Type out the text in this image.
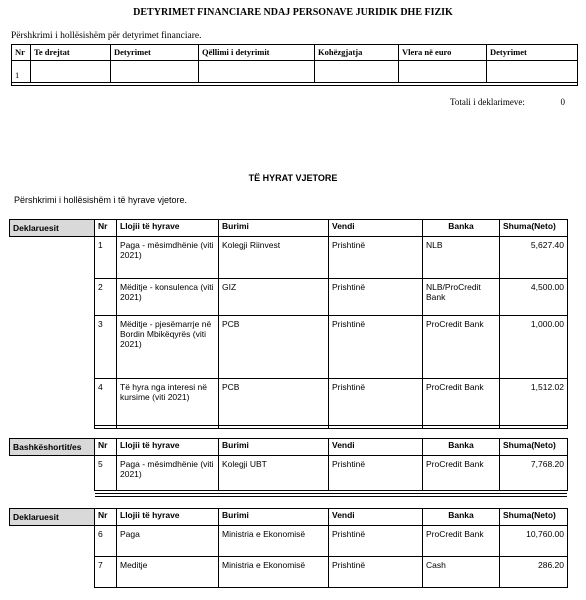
DETYRIMET FINANCIARE NDAJ PERSONAVE JURIDIK DHE FIZIK
Përshkrimi i hollësishëm për detyrimet financiare.
Nr	Te drejtat	Detyrimet	Qëllimi i detyrimit	Kohëzgjatja	Vlera në euro	Detyrimet
1						

Totali i deklarimeve:	0
TË HYRAT VJETORE
Përshkrimi i hollësishëm i të hyrave vjetore.
Deklaruesit	Nr	Llojii të hyrave	Burimi	Vendi	Banka	Shuma(Neto)
	1	Paga - mësimdhënie (viti 2021)	Kolegji Riinvest	Prishtinë	NLB	5,627.40
	2	Mëditje - konsulenca (viti 2021)	GIZ	Prishtinë	NLB/ProCredit Bank	4,500.00
	3	Mëditje - pjesëmarrje në Bordin Mbikëqyrës (viti 2021)	PCB	Prishtinë	ProCredit Bank	1,000.00
	4	Të hyra nga interesi në kursime (viti 2021)	PCB	Prishtinë	ProCredit Bank	1,512.02
Bashkëshortit/es	Nr	Llojii të hyrave	Burimi	Vendi	Banka	Shuma(Neto)
	5	Paga - mësimdhënie (viti 2021)	Kolegji UBT	Prishtinë	ProCredit Bank	7,768.20
Deklaruesit	Nr	Llojii të hyrave	Burimi	Vendi	Banka	Shuma(Neto)
	6	Paga	Ministria e Ekonomisë	Prishtinë	ProCredit Bank	10,760.00
	7	Meditje	Ministria e Ekonomisë	Prishtinë	Cash	286.20
